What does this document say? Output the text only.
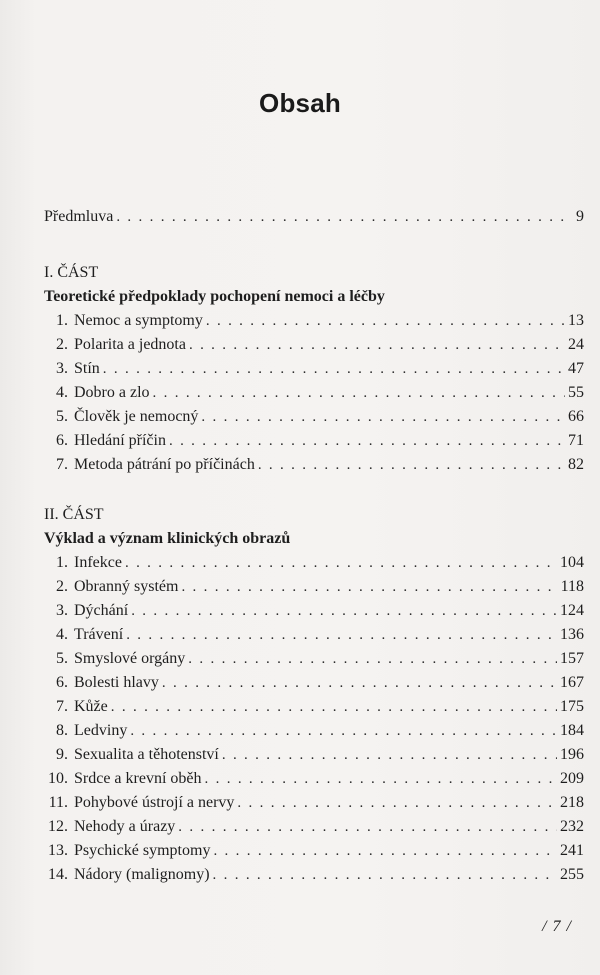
Obsah
Předmluva . . .	9
I. ČÁST
Teoretické předpoklady pochopení nemoci a léčby
1. Nemoc a symptomy . . .	13
2. Polarita a jednota . . .	24
3. Stín . . .	47
4. Dobro a zlo . . .	55
5. Člověk je nemocný . . .	66
6. Hledání příčin . . .	71
7. Metoda pátrání po příčinách . . .	82
II. ČÁST
Výklad a význam klinických obrazů
1. Infekce . . .	104
2. Obranný systém . . .	118
3. Dýchání . . .	124
4. Trávení . . .	136
5. Smyslové orgány . . .	157
6. Bolesti hlavy . . .	167
7. Kůže . . .	175
8. Ledviny . . .	184
9. Sexualita a těhotenství . . .	196
10. Srdce a krevní oběh . . .	209
11. Pohybové ústrojí a nervy . . .	218
12. Nehody a úrazy . . .	232
13. Psychické symptomy . . .	241
14. Nádory (malignomy) . . .	255
/ 7 /
